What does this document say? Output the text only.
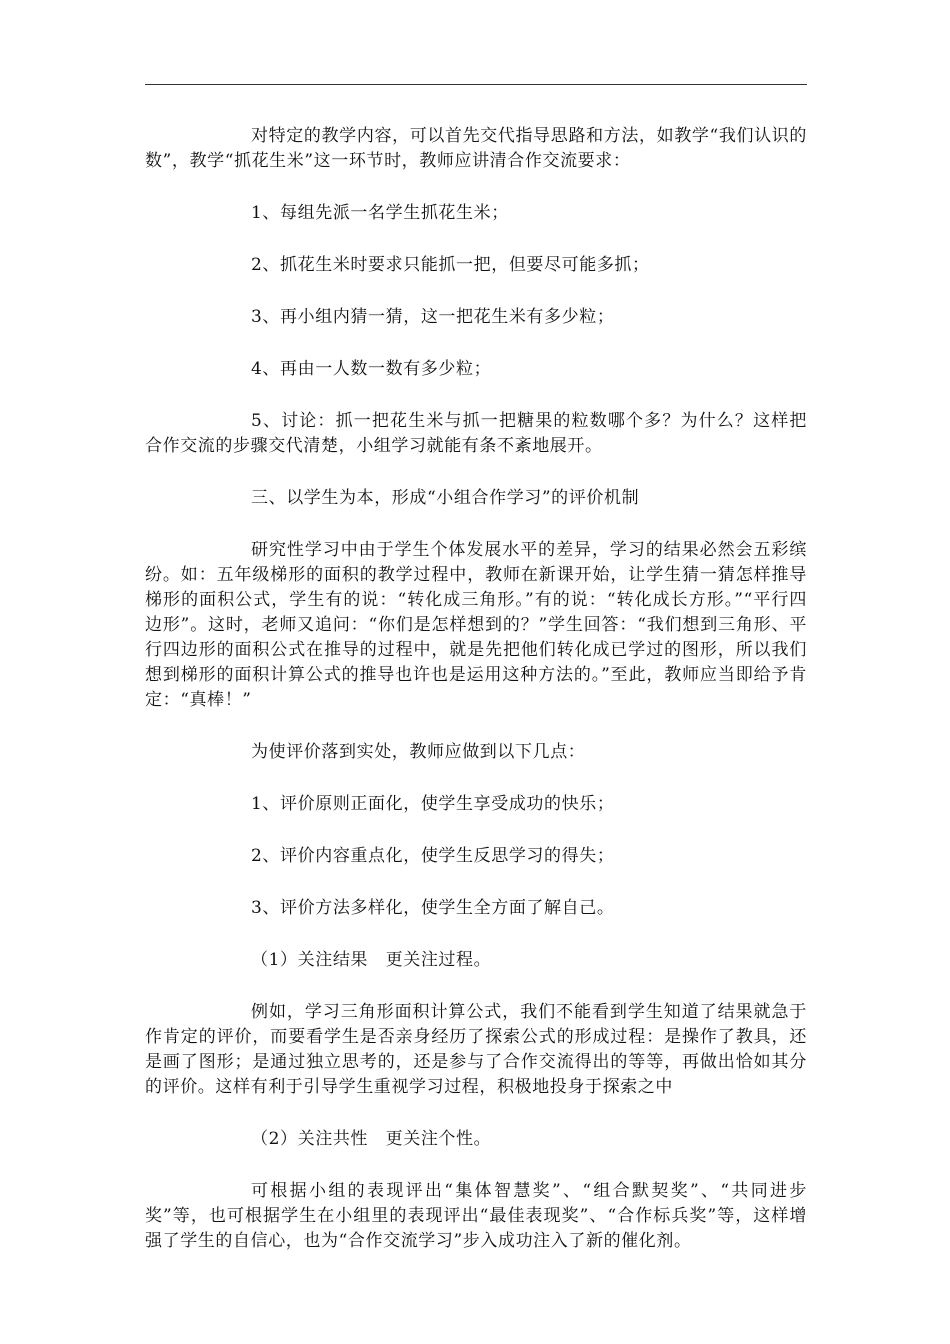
对特定的教学内容，可以首先交代指导思路和方法，如教学“我们认识的数”，教学“抓花生米”这一环节时，教师应讲清合作交流要求：

1、每组先派一名学生抓花生米；

2、抓花生米时要求只能抓一把，但要尽可能多抓；

3、再小组内猜一猜，这一把花生米有多少粒；

4、再由一人数一数有多少粒；

5、讨论：抓一把花生米与抓一把糖果的粒数哪个多？为什么？这样把合作交流的步骤交代清楚，小组学习就能有条不紊地展开。

三、以学生为本，形成“小组合作学习”的评价机制

研究性学习中由于学生个体发展水平的差异，学习的结果必然会五彩缤纷。如：五年级梯形的面积的教学过程中，教师在新课开始，让学生猜一猜怎样推导梯形的面积公式，学生有的说：“转化成三角形。”有的说：“转化成长方形。”“平行四边形”。这时，老师又追问：“你们是怎样想到的？”学生回答：“我们想到三角形、平行四边形的面积公式在推导的过程中，就是先把他们转化成已学过的图形，所以我们想到梯形的面积计算公式的推导也许也是运用这种方法的。”至此，教师应当即给予肯定：“真棒！”

为使评价落到实处，教师应做到以下几点：

1、评价原则正面化，使学生享受成功的快乐；

2、评价内容重点化，使学生反思学习的得失；

3、评价方法多样化，使学生全方面了解自己。

（1）关注结果　更关注过程。

例如，学习三角形面积计算公式，我们不能看到学生知道了结果就急于作肯定的评价，而要看学生是否亲身经历了探索公式的形成过程：是操作了教具，还是画了图形；是通过独立思考的，还是参与了合作交流得出的等等，再做出恰如其分的评价。这样有利于引导学生重视学习过程，积极地投身于探索之中

（2）关注共性　更关注个性。

可根据小组的表现评出“集体智慧奖”、“组合默契奖”、“共同进步奖”等，也可根据学生在小组里的表现评出“最佳表现奖”、“合作标兵奖”等，这样增强了学生的自信心，也为“合作交流学习”步入成功注入了新的催化剂。
